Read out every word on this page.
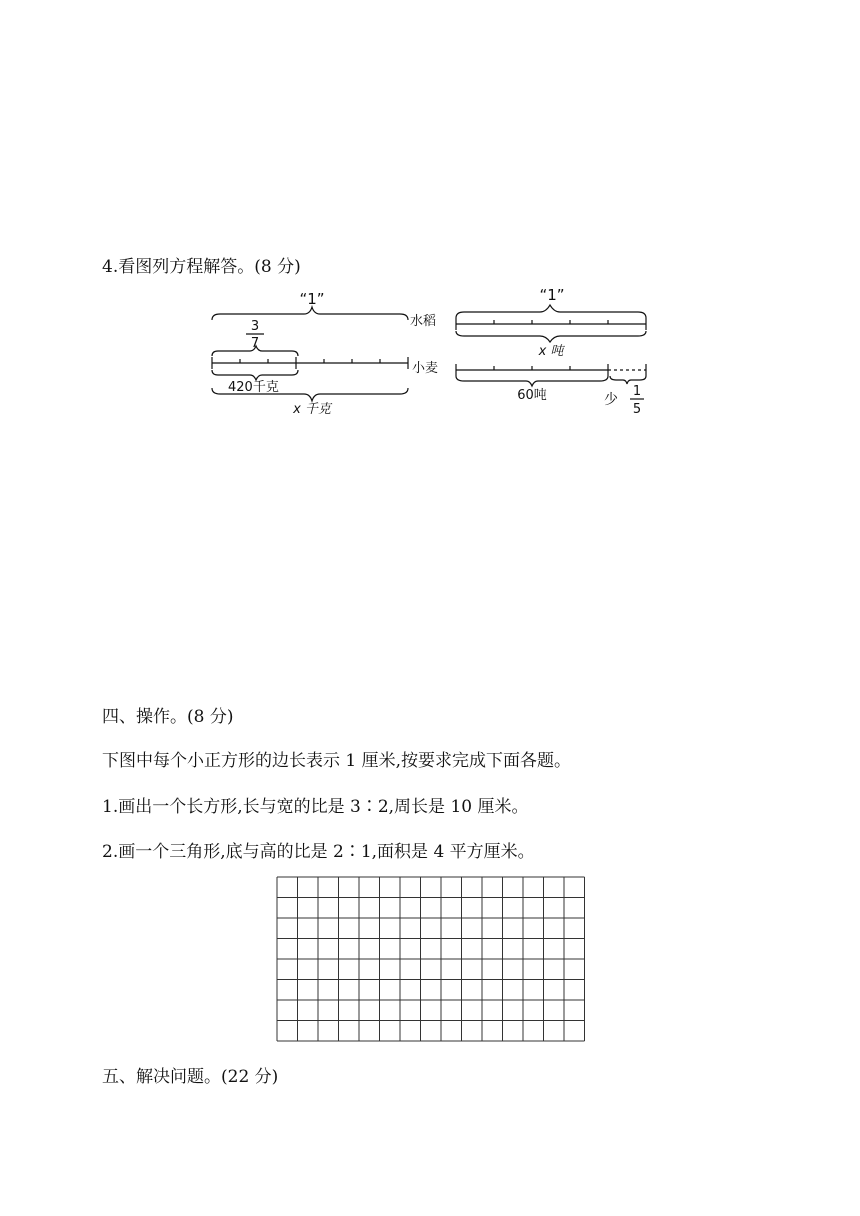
4.看图列方程解答。(8 分)
“1”
3
7
水稻
小麦
420千克
x 千克
“1”
x 吨
60吨	少
1
5
四、操作。(8 分)
下图中每个小正方形的边长表示 1 厘米,按要求完成下面各题。
1.画出一个长方形,长与宽的比是 3∶2,周长是 10 厘米。
2.画一个三角形,底与高的比是 2∶1,面积是 4 平方厘米。
五、解决问题。(22 分)
